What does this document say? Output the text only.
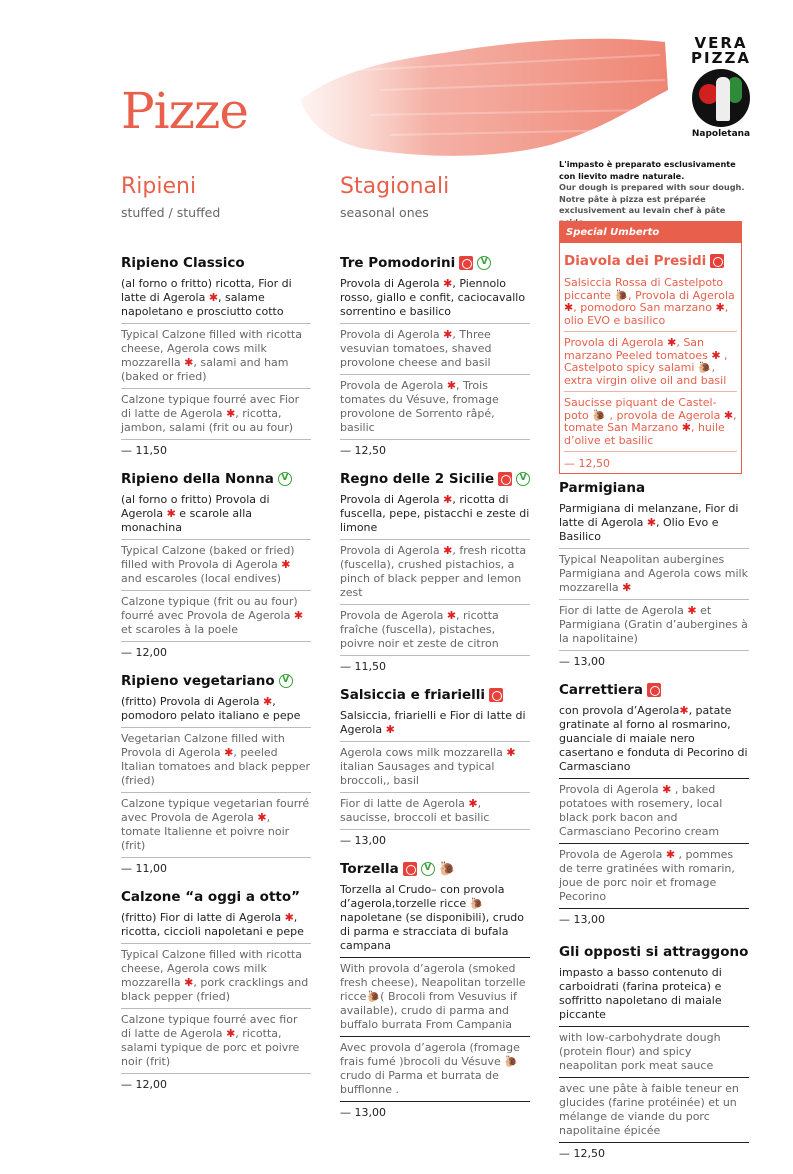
Pizze
VERA
PIZZA
Napoletana
Ripieni
stuffed / stuffed
Stagionali
seasonal ones
L'impasto è preparato esclusivamente con lievito madre naturale.
Our dough is prepared with sour dough.
Notre pâte à pizza est préparée exclusivement au levain chef à pâte
Ripieno Classico
(al forno o fritto) ricotta, Fior di latte di Agerola ✱, salame napoletano e prosciutto cotto
Typical Calzone filled with ricotta cheese, Agerola cows milk mozzarella ✱, salami and ham (baked or fried)
Calzone typique fourré avec Fior di latte de Agerola ✱, ricotta, jambon, salami (frit ou au four)
— 11,50
Ripieno della Nonna V
(al forno o fritto) Provola di Agerola ✱ e scarole alla monachina
Typical Calzone (baked or fried) filled with Provola di Agerola ✱ and escaroles (local endives)
Calzone typique (frit ou au four) fourré avec Provola de Agerola ✱ et scaroles à la poele
— 12,00
Ripieno vegetariano V
(fritto) Provola di Agerola ✱, pomodoro pelato italiano e pepe
Vegetarian Calzone filled with Provola di Agerola ✱, peeled Italian tomatoes and black pepper (fried)
Calzone typique vegetarian fourré avec Provola de Agerola ✱, tomate Italienne et poivre noir (frit)
— 11,00
Calzone “a oggi a otto”
(fritto) Fior di latte di Agerola ✱, ricotta, ciccioli napoletani e pepe
Typical Calzone filled with ricotta cheese, Agerola cows milk mozzarella ✱, pork cracklings and black pepper (fried)
Calzone typique fourré avec fior di latte de Agerola ✱, ricotta, salami typique de porc et poivre noir (frit)
— 12,00
Tre Pomodorini	V
Provola di Agerola ✱, Piennolo rosso, giallo e confit, caciocavallo sorrentino e basilico
Provola di Agerola ✱, Three vesuvian tomatoes, shaved provolone cheese and basil
Provola de Agerola ✱, Trois tomates du Vésuve, fromage provolone de Sorrento râpé, basilic
— 12,50
Regno delle 2 Sicilie	V
Provola di Agerola ✱, ricotta di fuscella, pepe, pistacchi e zeste di limone
Provola di Agerola ✱, fresh ricotta (fuscella), crushed pistachios, a pinch of black pepper and lemon zest
Provola de Agerola ✱, ricotta fraîche (fuscella), pistaches, poivre noir et zeste de citron
— 11,50
Salsiccia e friarielli
Salsiccia, friarielli e Fior di latte di Agerola ✱
Agerola cows milk mozzarella ✱ italian Sausages and typical broccoli,, basil
Fior di latte de Agerola ✱, saucisse, broccoli et basilic
— 13,00
Torzella	V 🐌
Torzella al Crudo– con provola d’agerola,torzelle ricce 🐌 napoletane (se disponibili), crudo di parma e stracciata di bufala campana
With provola d’agerola (smoked fresh cheese), Neapolitan torzelle ricce🐌( Brocoli from Vesuvius if available), crudo di parma and buffalo burrata From Campania
Avec provola d’agerola (fromage frais fumé )brocoli du Vésuve 🐌 crudo di Parma et burrata de bufflonne .
— 13,00
Special Umberto
Diavola dei Presidi
Salsiccia Rossa di Castelpoto piccante 🐌, Provola di Agerola ✱, pomodoro San marzano ✱, olio EVO e basilico
Provola di Agerola ✱, San marzano Peeled tomatoes ✱ , Castelpoto spicy salami 🐌, extra virgin olive oil and basil
Saucisse piquant de Castel-poto 🐌 , provola de Agerola ✱, tomate San Marzano ✱, huile d’olive et basilic
— 12,50
Parmigiana
Parmigiana di melanzane, Fior di latte di Agerola ✱, Olio Evo e Basilico
Typical Neapolitan aubergines Parmigiana and Agerola cows milk mozzarella ✱
Fior di latte de Agerola ✱ et Parmigiana (Gratin d’aubergines à la napolitaine)
— 13,00
Carrettiera
con provola d’Agerola✱, patate gratinate al forno al rosmarino, guanciale di maiale nero casertano e fonduta di Pecorino di Carmasciano
Provola di Agerola ✱ , baked potatoes with rosemery, local black pork bacon and Carmasciano Pecorino cream
Provola de Agerola ✱ , pommes de terre gratinées with romarin, joue de porc noir et fromage Pecorino
— 13,00
Gli opposti si attraggono
impasto a basso contenuto di carboidrati (farina proteica) e soffritto napoletano di maiale piccante
with low-carbohydrate dough (protein flour) and spicy neapolitan pork meat sauce
avec une pâte à faible teneur en glucides (farine protéinée) et un mélange de viande du porc napolitaine épicée
— 12,50
